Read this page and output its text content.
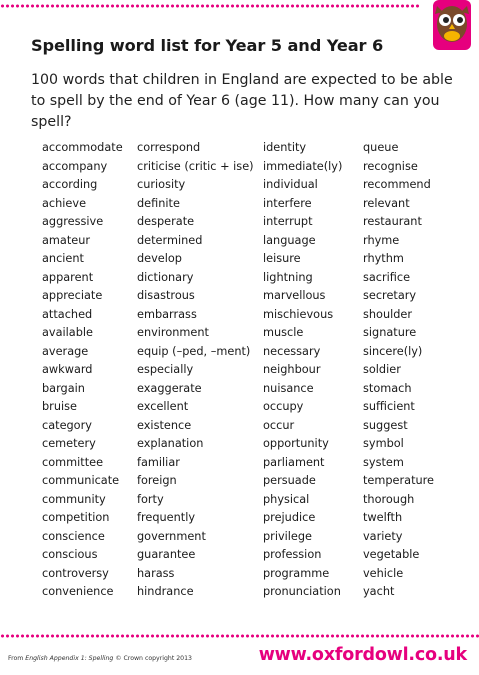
Spelling word list for Year 5 and Year 6

100 words that children in England are expected to be able to spell by the end of Year 6 (age 11). How many can you spell?

accommodate
accompany
according
achieve
aggressive
amateur
ancient
apparent
appreciate
attached
available
average
awkward
bargain
bruise
category
cemetery
committee
communicate
community
competition
conscience
conscious
controversy
convenience
correspond
criticise (critic + ise)
curiosity
definite
desperate
determined
develop
dictionary
disastrous
embarrass
environment
equip (–ped, –ment)
especially
exaggerate
excellent
existence
explanation
familiar
foreign
forty
frequently
government
guarantee
harass
hindrance
identity
immediate(ly)
individual
interfere
interrupt
language
leisure
lightning
marvellous
mischievous
muscle
necessary
neighbour
nuisance
occupy
occur
opportunity
parliament
persuade
physical
prejudice
privilege
profession
programme
pronunciation
queue
recognise
recommend
relevant
restaurant
rhyme
rhythm
sacrifice
secretary
shoulder
signature
sincere(ly)
soldier
stomach
sufficient
suggest
symbol
system
temperature
thorough
twelfth
variety
vegetable
vehicle
yacht
From English Appendix 1: Spelling © Crown copyright 2013	www.oxfordowl.co.uk
